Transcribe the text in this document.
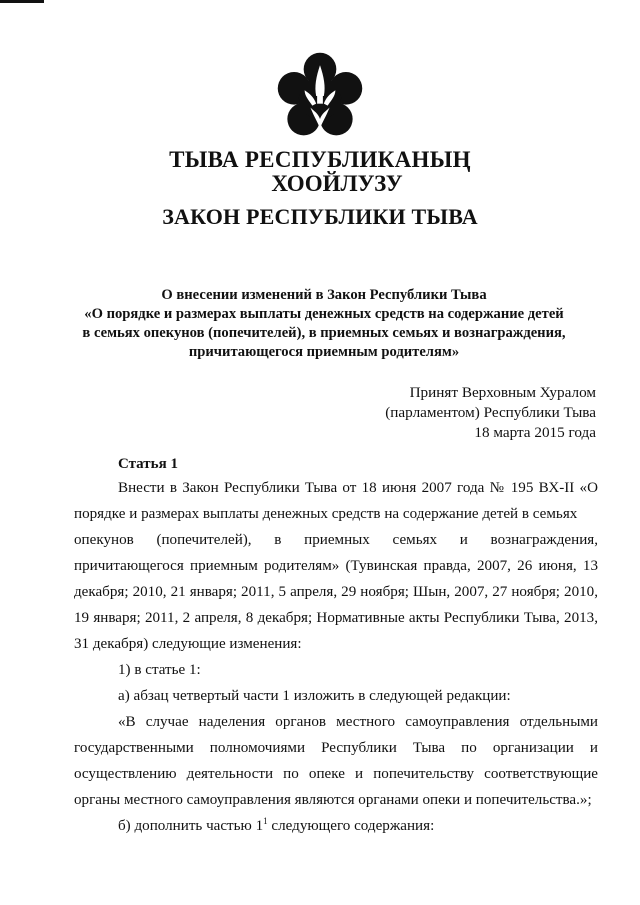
ТЫВА РЕСПУБЛИКАНЫҢ
ХООЙЛУЗУ
ЗАКОН РЕСПУБЛИКИ ТЫВА
О внесении изменений в Закон Республики Тыва
«О порядке и размерах выплаты денежных средств на содержание детей
в семьях опекунов (попечителей), в приемных семьях и вознаграждения,
причитающегося приемным родителям»
Принят Верховным Хуралом
(парламентом) Республики Тыва
18 марта 2015 года
Статья 1

Внести в Закон Республики Тыва от 18 июня 2007 года № 195 ВХ-II «О порядке и размерах выплаты денежных средств на содержание детей в семьях

опекунов (попечителей), в приемных семьях и вознаграждения,

причитающегося приемным родителям» (Тувинская правда, 2007, 26 июня, 13 декабря; 2010, 21 января; 2011, 5 апреля, 29 ноября; Шын, 2007, 27 ноября; 2010, 19 января; 2011, 2 апреля, 8 декабря; Нормативные акты Республики Тыва, 2013, 31 декабря) следующие изменения:

1) в статье 1:

а) абзац четвертый части 1 изложить в следующей редакции:

«В случае наделения органов местного самоуправления отдельными государственными полномочиями Республики Тыва по организации и осуществлению деятельности по опеке и попечительству соответствующие органы местного самоуправления являются органами опеки и попечительства.»;

б) дополнить частью $1^1$ следующего содержания:
